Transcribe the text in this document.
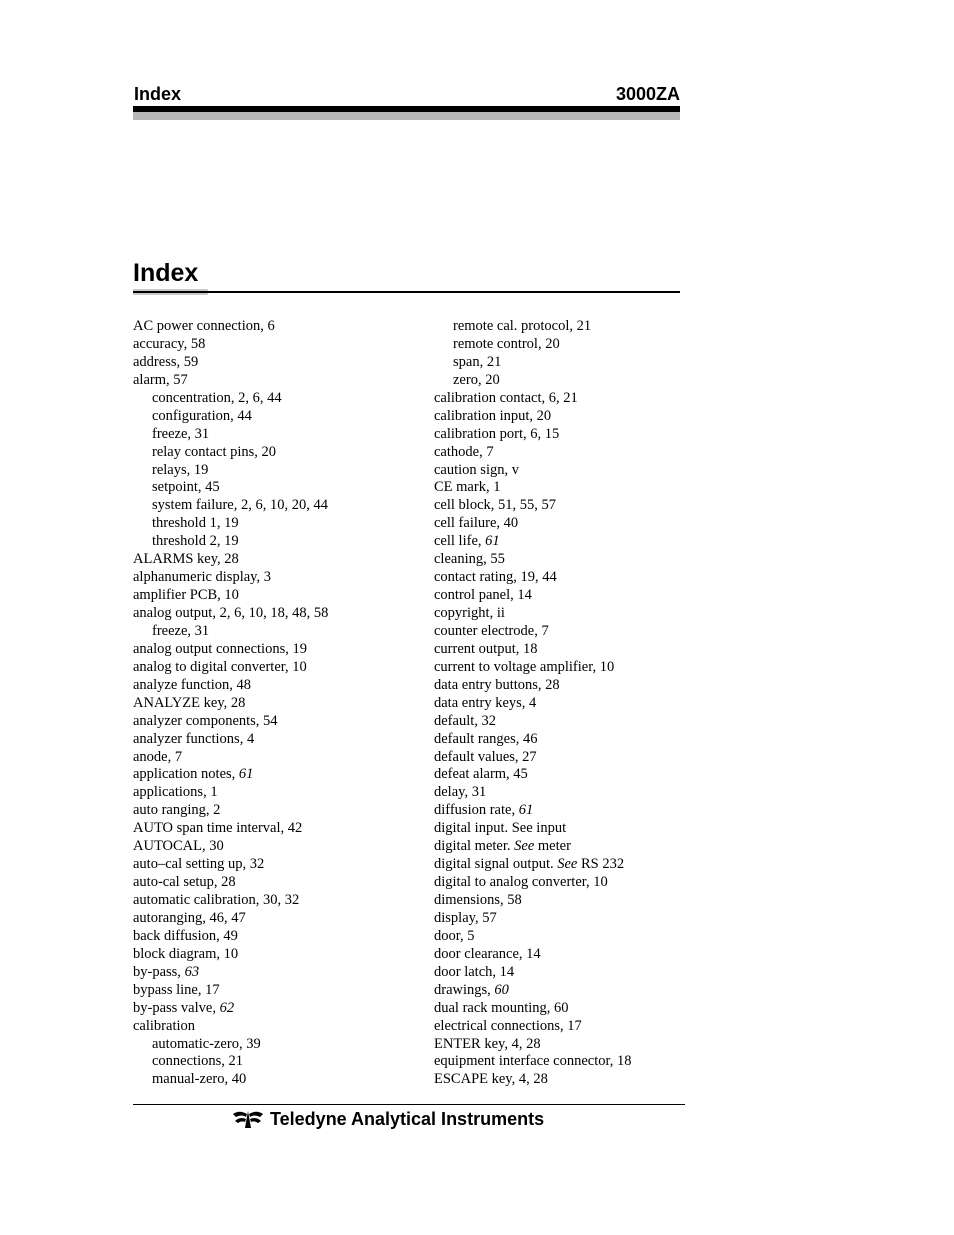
Index	3000ZA
Index
AC power connection, 6
accuracy, 58
address, 59
alarm, 57
concentration, 2, 6, 44
configuration, 44
freeze, 31
relay contact pins, 20
relays, 19
setpoint, 45
system failure, 2, 6, 10, 20, 44
threshold 1, 19
threshold 2, 19
ALARMS key, 28
alphanumeric display, 3
amplifier PCB, 10
analog output, 2, 6, 10, 18, 48, 58
freeze, 31
analog output connections, 19
analog to digital converter, 10
analyze function, 48
ANALYZE key, 28
analyzer components, 54
analyzer functions, 4
anode, 7
application notes, 61
applications, 1
auto ranging, 2
AUTO span time interval, 42
AUTOCAL, 30
auto–cal setting up, 32
auto-cal setup, 28
automatic calibration, 30, 32
autoranging, 46, 47
back diffusion, 49
block diagram, 10
by-pass, 63
bypass line, 17
by-pass valve, 62
calibration
automatic-zero, 39
connections, 21
manual-zero, 40
remote cal. protocol, 21
remote control, 20
span, 21
zero, 20
calibration contact, 6, 21
calibration input, 20
calibration port, 6, 15
cathode, 7
caution sign, v
CE mark, 1
cell block, 51, 55, 57
cell failure, 40
cell life, 61
cleaning, 55
contact rating, 19, 44
control panel, 14
copyright, ii
counter electrode, 7
current output, 18
current to voltage amplifier, 10
data entry buttons, 28
data entry keys, 4
default, 32
default ranges, 46
default values, 27
defeat alarm, 45
delay, 31
diffusion rate, 61
digital input. See input
digital meter. See meter
digital signal output. See RS 232
digital to analog converter, 10
dimensions, 58
display, 57
door, 5
door clearance, 14
door latch, 14
drawings, 60
dual rack mounting, 60
electrical connections, 17
ENTER key, 4, 28
equipment interface connector, 18
ESCAPE key, 4, 28
Teledyne Analytical Instruments
